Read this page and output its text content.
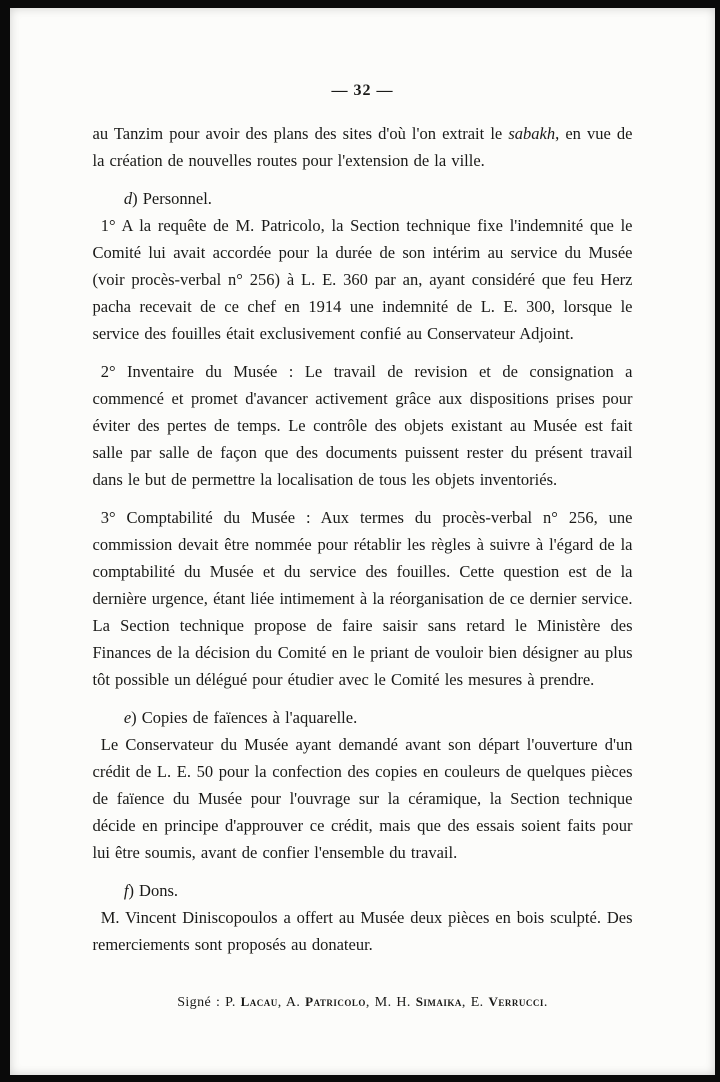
— 32 —

au Tanzim pour avoir des plans des sites d'où l'on extrait le sabakh, en vue de la création de nouvelles routes pour l'extension de la ville.

d) Personnel.

1° A la requête de M. Patricolo, la Section technique fixe l'indemnité que le Comité lui avait accordée pour la durée de son intérim au service du Musée (voir procès-verbal n° 256) à L. E. 360 par an, ayant considéré que feu Herz pacha recevait de ce chef en 1914 une indemnité de L. E. 300, lorsque le service des fouilles était exclusivement confié au Conservateur Adjoint.

2° Inventaire du Musée : Le travail de revision et de consignation a commencé et promet d'avancer activement grâce aux dispositions prises pour éviter des pertes de temps. Le contrôle des objets existant au Musée est fait salle par salle de façon que des documents puissent rester du présent travail dans le but de permettre la localisation de tous les objets inventoriés.

3° Comptabilité du Musée : Aux termes du procès-verbal n° 256, une commission devait être nommée pour rétablir les règles à suivre à l'égard de la comptabilité du Musée et du service des fouilles. Cette question est de la dernière urgence, étant liée intimement à la réorganisation de ce dernier service. La Section technique propose de faire saisir sans retard le Ministère des Finances de la décision du Comité en le priant de vouloir bien désigner au plus tôt possible un délégué pour étudier avec le Comité les mesures à prendre.

e) Copies de faïences à l'aquarelle.

Le Conservateur du Musée ayant demandé avant son départ l'ouverture d'un crédit de L. E. 50 pour la confection des copies en couleurs de quelques pièces de faïence du Musée pour l'ouvrage sur la céramique, la Section technique décide en principe d'approuver ce crédit, mais que des essais soient faits pour lui être soumis, avant de confier l'ensemble du travail.

f) Dons.

M. Vincent Diniscopoulos a offert au Musée deux pièces en bois sculpté. Des remerciements sont proposés au donateur.

Signé : P. Lacau, A. Patricolo, M. H. Simaika, E. Verrucci.
